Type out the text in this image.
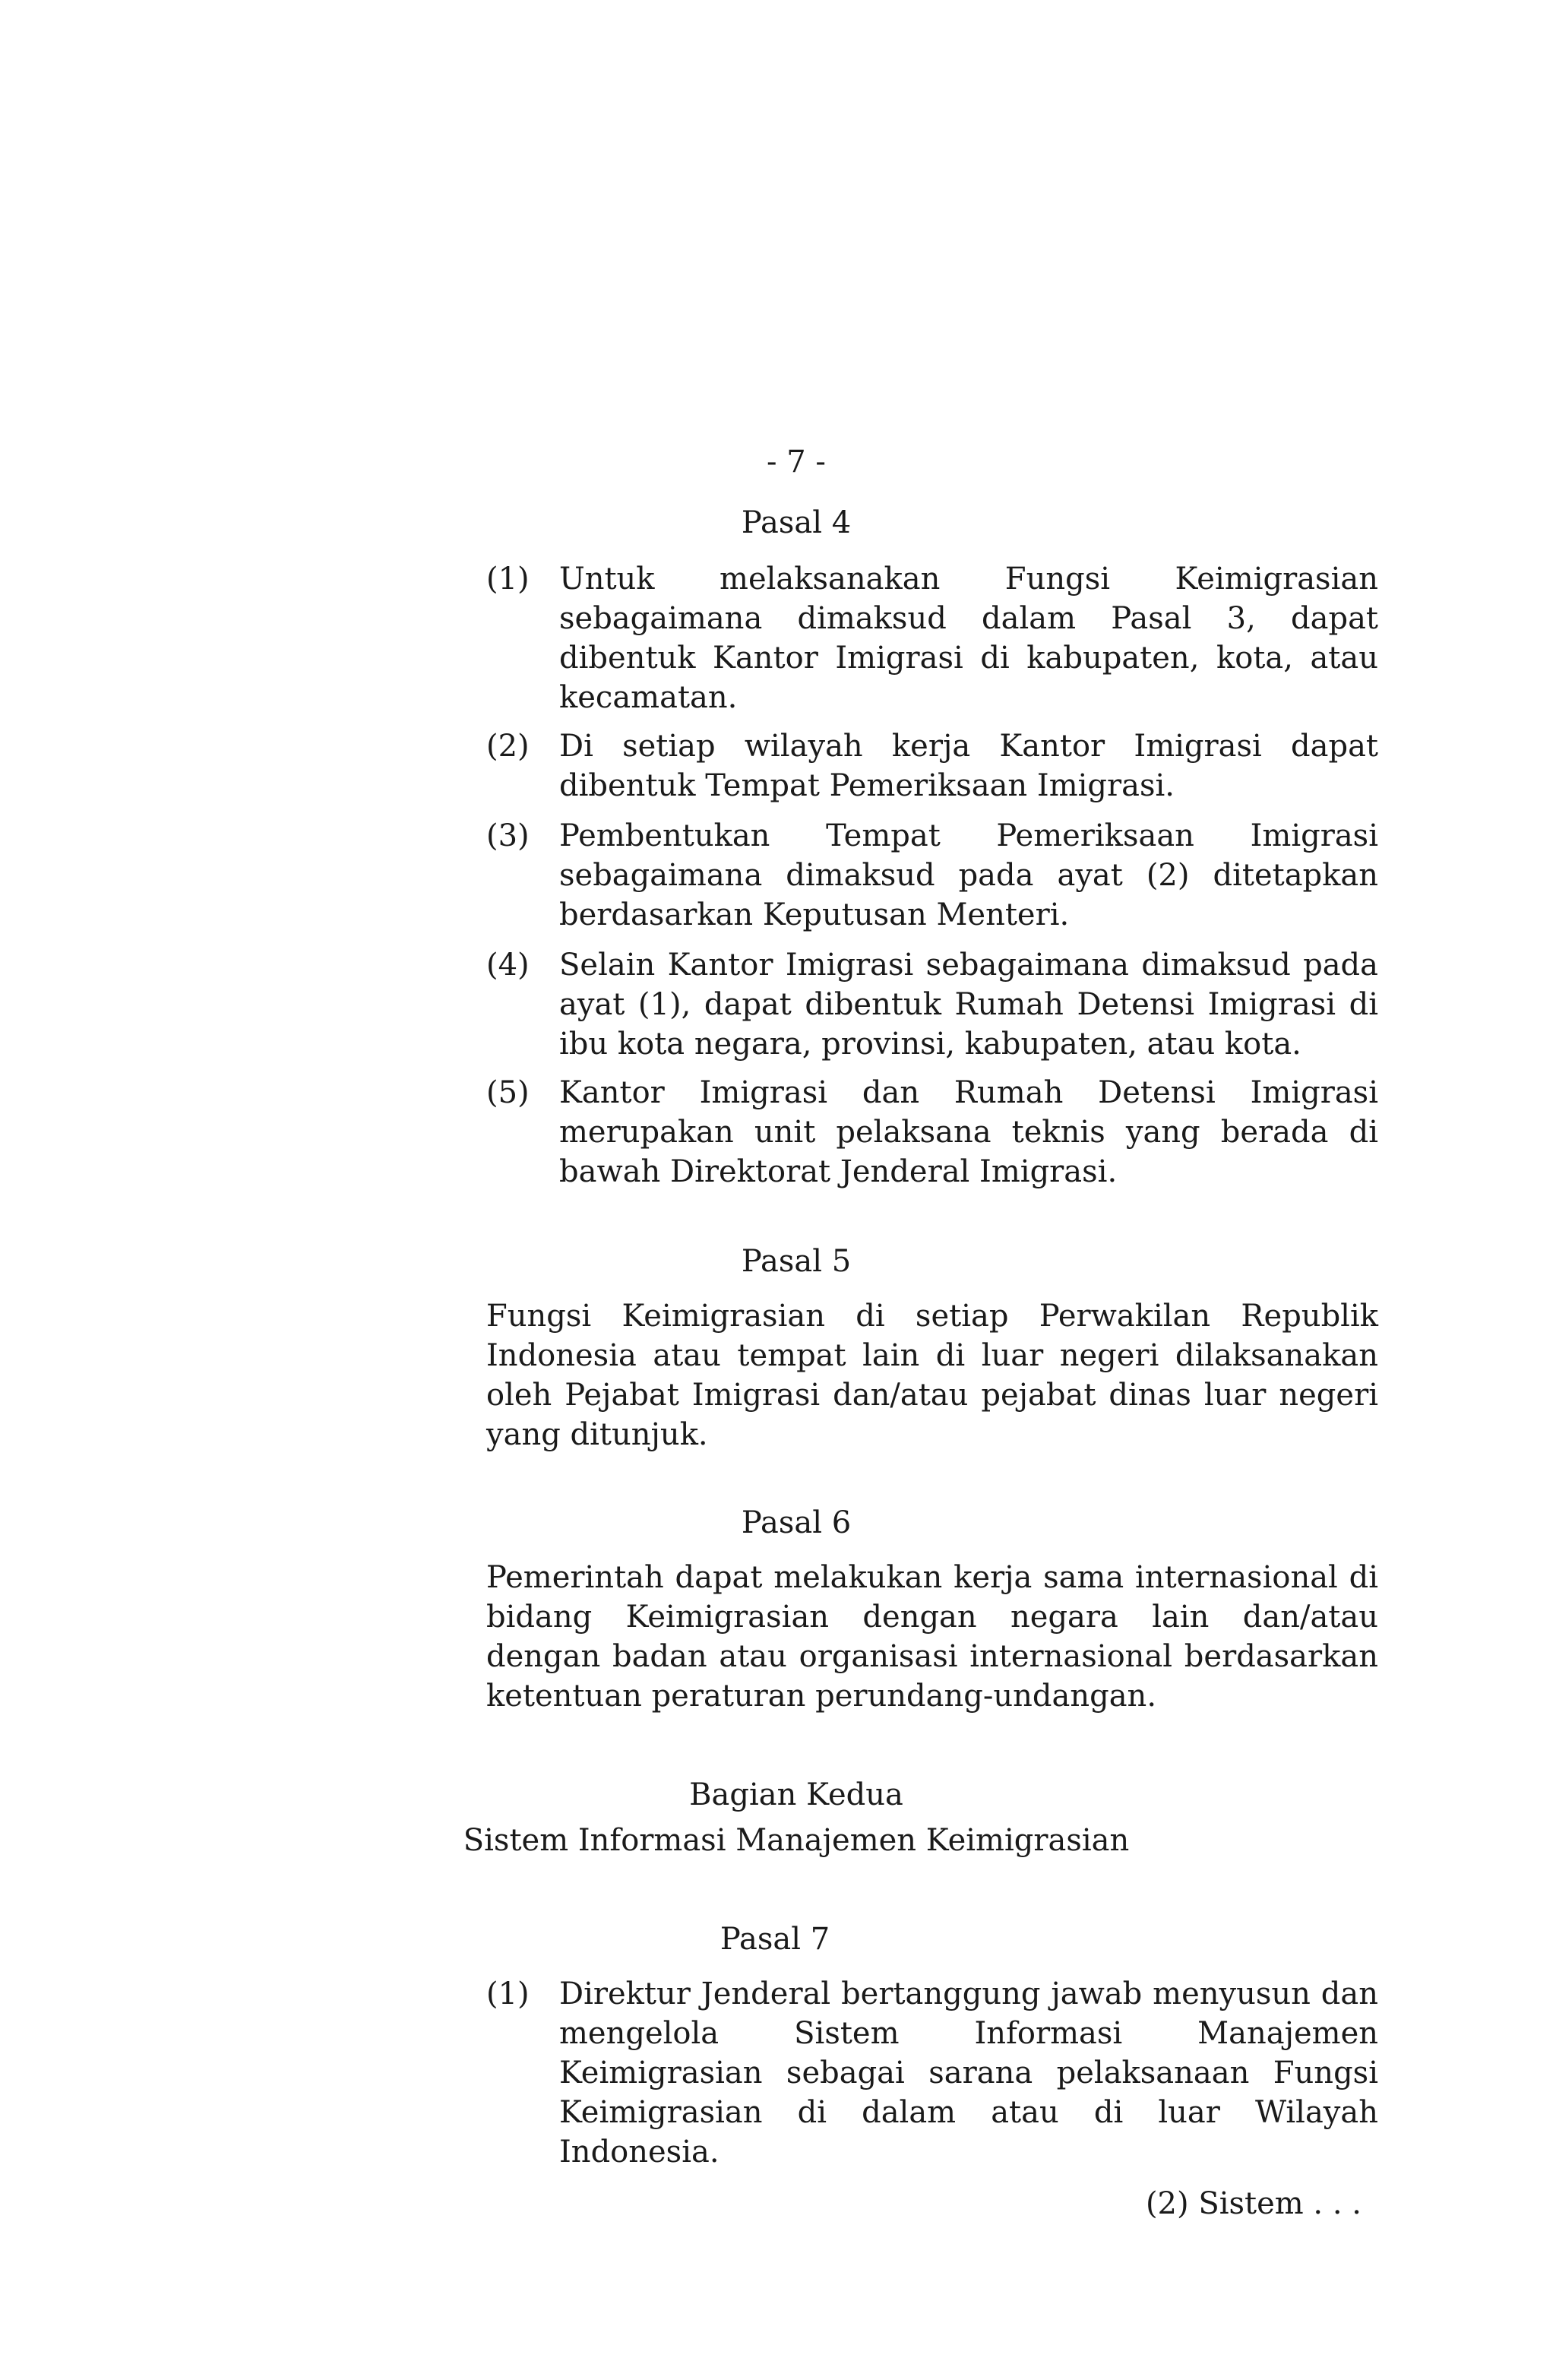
- 7 -
Pasal 4
(1) Untuk melaksanakan Fungsi Keimigrasian sebagaimana dimaksud dalam Pasal 3, dapat dibentuk Kantor Imigrasi di kabupaten, kota, atau kecamatan.
(2) Di setiap wilayah kerja Kantor Imigrasi dapat dibentuk Tempat Pemeriksaan Imigrasi.
(3) Pembentukan Tempat Pemeriksaan Imigrasi sebagaimana dimaksud pada ayat (2) ditetapkan berdasarkan Keputusan Menteri.
(4) Selain Kantor Imigrasi sebagaimana dimaksud pada ayat (1), dapat dibentuk Rumah Detensi Imigrasi di ibu kota negara, provinsi, kabupaten, atau kota.
(5) Kantor Imigrasi dan Rumah Detensi Imigrasi merupakan unit pelaksana teknis yang berada di bawah Direktorat Jenderal Imigrasi.
Pasal 5
Fungsi Keimigrasian di setiap Perwakilan Republik Indonesia atau tempat lain di luar negeri dilaksanakan oleh Pejabat Imigrasi dan/atau pejabat dinas luar negeri yang ditunjuk.
Pasal 6
Pemerintah dapat melakukan kerja sama internasional di bidang Keimigrasian dengan negara lain dan/atau dengan badan atau organisasi internasional berdasarkan ketentuan peraturan perundang-undangan.
Bagian Kedua
Sistem Informasi Manajemen Keimigrasian
Pasal 7
(1) Direktur Jenderal bertanggung jawab menyusun dan mengelola Sistem Informasi Manajemen Keimigrasian sebagai sarana pelaksanaan Fungsi Keimigrasian di dalam atau di luar Wilayah Indonesia.
(2) Sistem . . .
